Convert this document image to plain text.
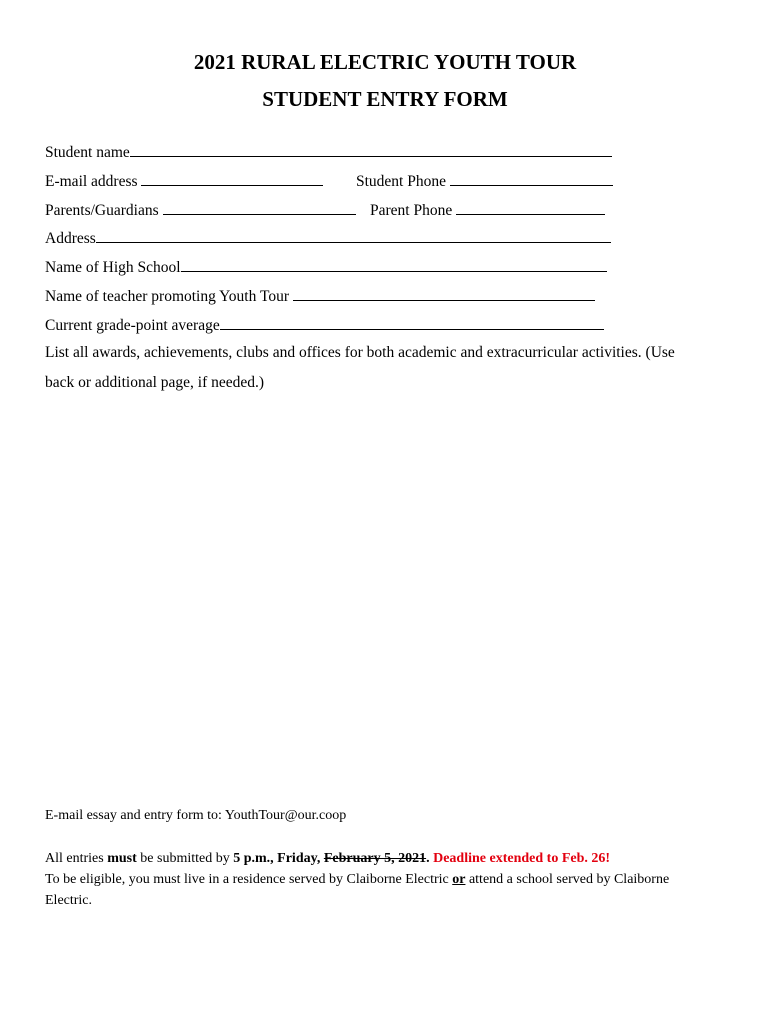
2021 RURAL ELECTRIC YOUTH TOUR
STUDENT ENTRY FORM
Student name
E-mail address	Student Phone
Parents/Guardians	Parent Phone
Address
Name of High School
Name of teacher promoting Youth Tour
Current grade-point average
List all awards, achievements, clubs and offices for both academic and extracurricular activities. (Use
back or additional page, if needed.)
E-mail essay and entry form to: YouthTour@our.coop
All entries must be submitted by 5 p.m., Friday, February 5, 2021. Deadline extended to Feb. 26!
To be eligible, you must live in a residence served by Claiborne Electric or attend a school served by Claiborne
Electric.
